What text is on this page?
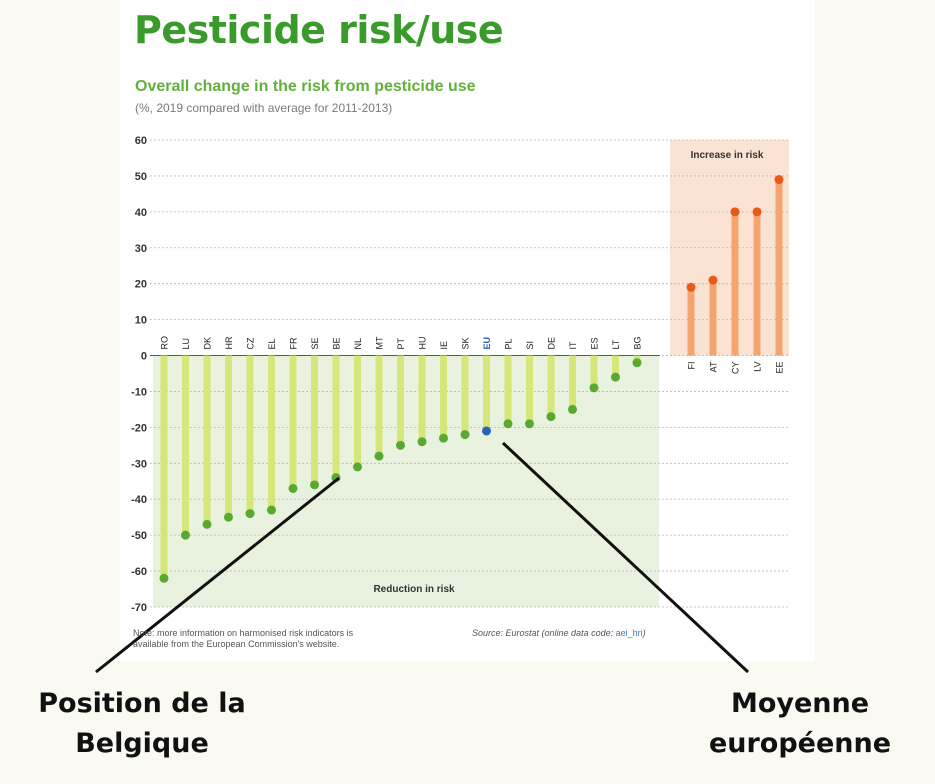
Pesticide risk/use
Overall change in the risk from pesticide use
(%, 2019 compared with average for 2011-2013)
60
50
40
30
20
10
0
-10
-20
-30
-40
-50
-60
-70
RO LU DK HR CZ EL FR SE BE NL MT PT HU IE SK EU PL SI DE IT ES LT BG
FI AT CY LV EE
Reduction in risk
Increase in risk
Note: more information on harmonised risk indicators is available from the European Commission's website.
Source: Eurostat (online data code: aei_hri)
Position de la Belgique
Moyenne européenne
